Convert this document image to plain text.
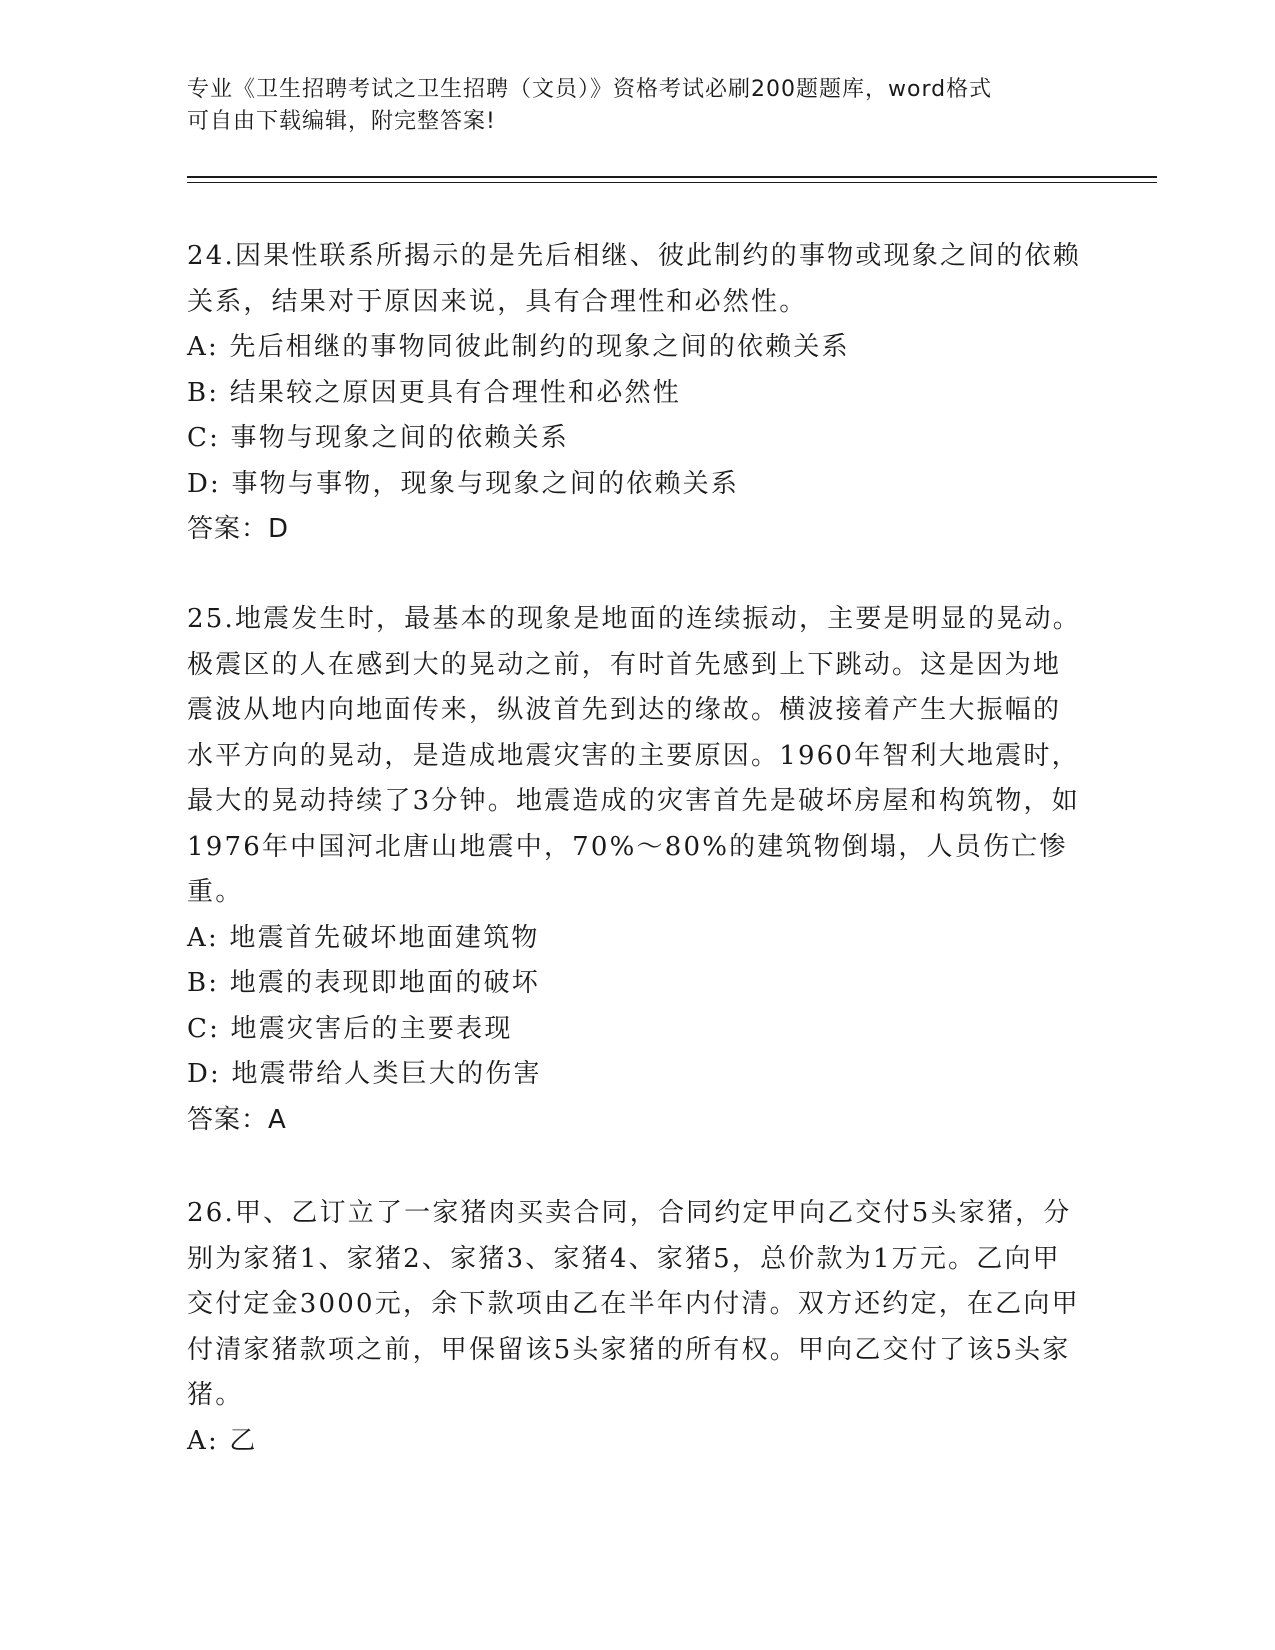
专业《卫生招聘考试之卫生招聘（文员）》资格考试必刷200题题库，word格式
可自由下载编辑，附完整答案!

24.因果性联系所揭示的是先后相继、彼此制约的事物或现象之间的依赖关系，结果对于原因来说，具有合理性和必然性。

A: 先后相继的事物同彼此制约的现象之间的依赖关系

B: 结果较之原因更具有合理性和必然性

C: 事物与现象之间的依赖关系

D: 事物与事物，现象与现象之间的依赖关系

答案：D

25.地震发生时，最基本的现象是地面的连续振动，主要是明显的晃动。极震区的人在感到大的晃动之前，有时首先感到上下跳动。这是因为地震波从地内向地面传来，纵波首先到达的缘故。横波接着产生大振幅的水平方向的晃动，是造成地震灾害的主要原因。1960年智利大地震时，最大的晃动持续了3分钟。地震造成的灾害首先是破坏房屋和构筑物，如1976年中国河北唐山地震中，70%～80%的建筑物倒塌，人员伤亡惨重。

A: 地震首先破坏地面建筑物

B: 地震的表现即地面的破坏

C: 地震灾害后的主要表现

D: 地震带给人类巨大的伤害

答案：A

26.甲、乙订立了一家猪肉买卖合同，合同约定甲向乙交付5头家猪，分别为家猪1、家猪2、家猪3、家猪4、家猪5，总价款为1万元。乙向甲交付定金3000元，余下款项由乙在半年内付清。双方还约定，在乙向甲付清家猪款项之前，甲保留该5头家猪的所有权。甲向乙交付了该5头家猪。

A: 乙
